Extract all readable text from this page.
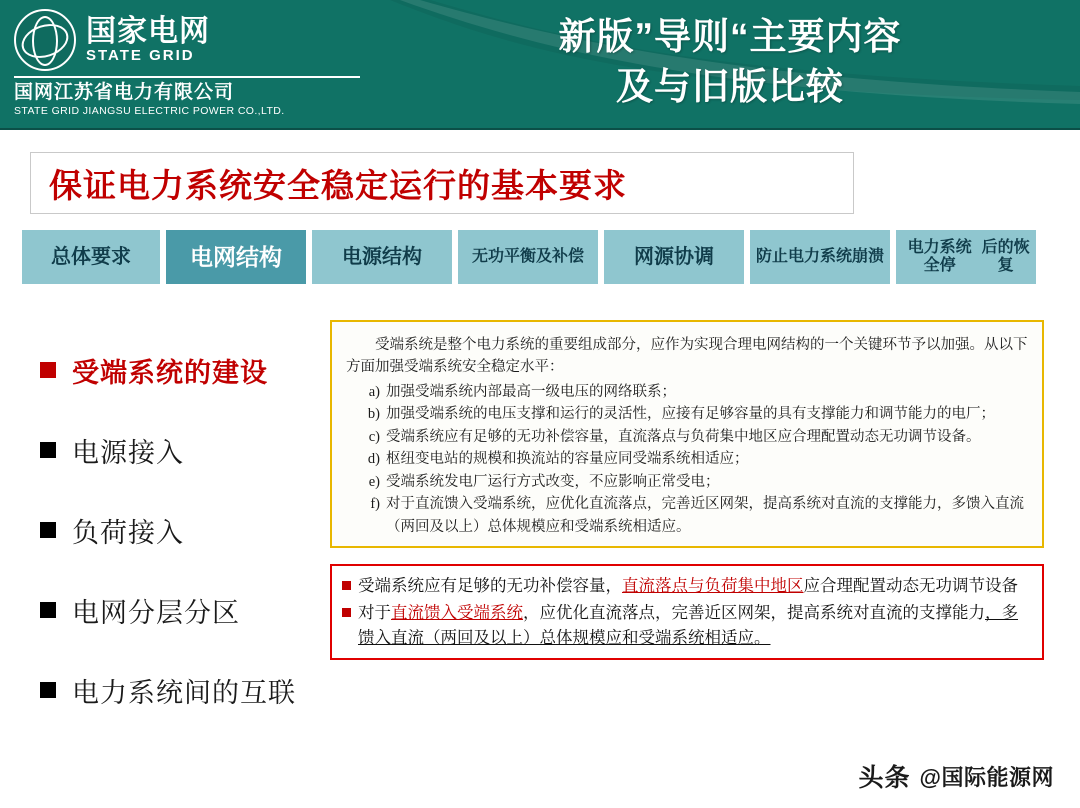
国家电网
STATE GRID
国网江苏省电力有限公司
STATE GRID JIANGSU ELECTRIC POWER CO.,LTD.
新版”导则“主要内容
及与旧版比较
保证电力系统安全稳定运行的基本要求
总体要求	电网结构	电源结构	无功平衡 及补偿 网源协调	防止电力 系统崩溃
电力系统全停
后的恢复
受端系统的建设
电源接入
负荷接入
电网分层分区
电力系统间的互联

受端系统是整个电力系统的重要组成部分，应作为实现合理电网结构的一个关键环节予以加强。从以下方面加强受端系统安全稳定水平：

a) 加强受端系统内部最高一级电压的网络联系；
b) 加强受端系统的电压支撑和运行的灵活性，应接有足够容量的具有支撑能力和调节能力的电厂；
c) 受端系统应有足够的无功补偿容量，直流落点与负荷集中地区应合理配置动态无功调节设备。
d) 枢纽变电站的规模和换流站的容量应同受端系统相适应；
e) 受端系统发电厂运行方式改变，不应影响正常受电；
f) 对于直流馈入受端系统，应优化直流落点，完善近区网架，提高系统对直流的支撑能力，多馈入直流（两回及以上）总体规模应和受端系统相适应。
受端系统应有足够的无功补偿容量，直流落点与负荷集中地区应合理配置动态无功调节设备
对于直流馈入受端系统，应优化直流落点，完善近区网架，提高系统对直流的支撑能力，多馈入直流（两回及以上）总体规模应和受端系统相适应。
头条 @国际能源网
